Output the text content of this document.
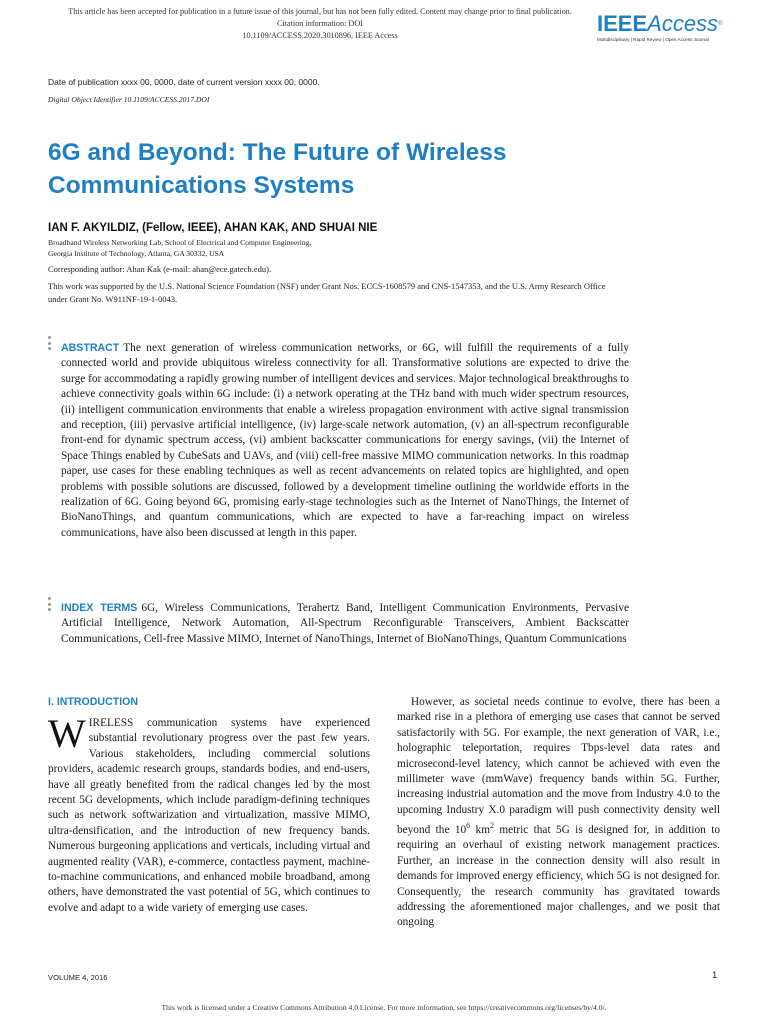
This article has been accepted for publication in a future issue of this journal, but has not been fully edited. Content may change prior to final publication. Citation information: DOI
10.1109/ACCESS.2020.3010896, IEEE Access	IEEEAccess®
Multidisciplinary | Rapid Review | Open Access Journal
Date of publication xxxx 00, 0000, date of current version xxxx 00, 0000.
Digital Object Identifier 10.1109/ACCESS.2017.DOI
6G and Beyond: The Future of Wireless
Communications Systems
IAN F. AKYILDIZ, (Fellow, IEEE), AHAN KAK, AND SHUAI NIE
Broadband Wireless Networking Lab, School of Electrical and Computer Engineering,
Georgia Institute of Technology, Atlanta, GA 30332, USA
Corresponding author: Ahan Kak (e-mail: ahan@ece.gatech.edu).
This work was supported by the U.S. National Science Foundation (NSF) under Grant Nos. ECCS-1608579 and CNS-1547353, and the U.S. Army Research Office under Grant No. W911NF-19-1-0043.
ABSTRACT The next generation of wireless communication networks, or 6G, will fulfill the requirements of a fully connected world and provide ubiquitous wireless connectivity for all. Transformative solutions are expected to drive the surge for accommodating a rapidly growing number of intelligent devices and services. Major technological breakthroughs to achieve connectivity goals within 6G include: (i) a network operating at the THz band with much wider spectrum resources, (ii) intelligent communication environments that enable a wireless propagation environment with active signal transmission and reception, (iii) pervasive artificial intelligence, (iv) large-scale network automation, (v) an all-spectrum reconfigurable front-end for dynamic spectrum access, (vi) ambient backscatter communications for energy savings, (vii) the Internet of Space Things enabled by CubeSats and UAVs, and (viii) cell-free massive MIMO communication networks. In this roadmap paper, use cases for these enabling techniques as well as recent advancements on related topics are highlighted, and open problems with possible solutions are discussed, followed by a development timeline outlining the worldwide efforts in the realization of 6G. Going beyond 6G, promising early-stage technologies such as the Internet of NanoThings, the Internet of BioNanoThings, and quantum communications, which are expected to have a far-reaching impact on wireless communications, have also been discussed at length in this paper.
INDEX TERMS 6G, Wireless Communications, Terahertz Band, Intelligent Communication Environments, Pervasive Artificial Intelligence, Network Automation, All-Spectrum Reconfigurable Transceivers, Ambient Backscatter Communications, Cell-free Massive MIMO, Internet of NanoThings, Internet of BioNanoThings, Quantum Communications
I. INTRODUCTION
WIRELESS communication systems have experienced substantial revolutionary progress over the past few years. Various stakeholders, including commercial solutions providers, academic research groups, standards bodies, and end-users, have all greatly benefited from the radical changes led by the most recent 5G developments, which include paradigm-defining techniques such as network softwarization and virtualization, massive MIMO, ultra-densification, and the introduction of new frequency bands. Numerous burgeoning applications and verticals, including virtual and augmented reality (VAR), e-commerce, contactless payment, machine-to-machine communications, and enhanced mobile broadband, among others, have demonstrated the vast potential of 5G, which continues to evolve and adapt to a wide variety of emerging use cases.
However, as societal needs continue to evolve, there has been a marked rise in a plethora of emerging use cases that cannot be served satisfactorily with 5G. For example, the next generation of VAR, i.e., holographic teleportation, requires Tbps-level data rates and microsecond-level latency, which cannot be achieved with even the millimeter wave (mmWave) frequency bands within 5G. Further, increasing industrial automation and the move from Industry 4.0 to the upcoming Industry X.0 paradigm will push connectivity density well beyond the $10^6$ $km^2$ metric that 5G is designed for, in addition to requiring an overhaul of existing network management practices. Further, an increase in the connection density will also result in demands for improved energy efficiency, which 5G is not designed for. Consequently, the research community has gravitated towards addressing the aforementioned major challenges, and we posit that ongoing
VOLUME 4, 2016	1
This work is licensed under a Creative Commons Attribution 4.0 License. For more information, see https://creativecommons.org/licenses/by/4.0/.
